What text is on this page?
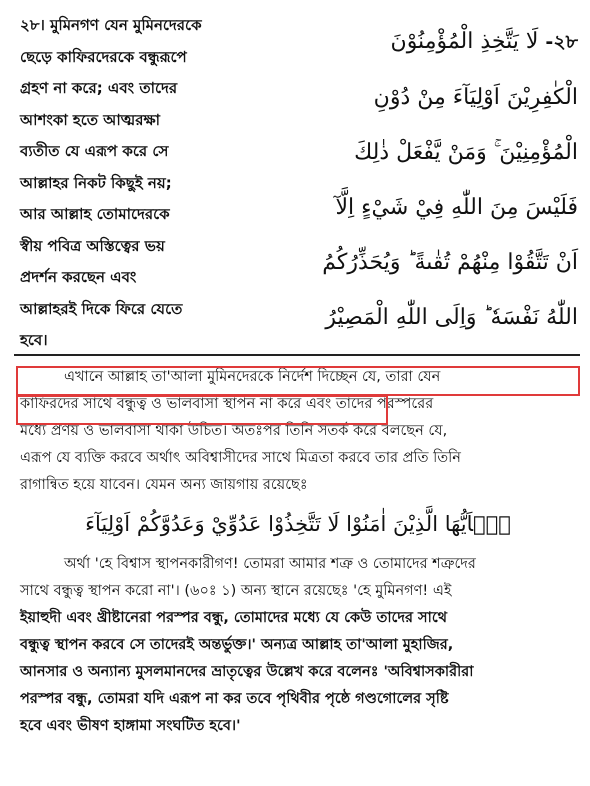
২৮। মুমিনগণ যেন মুমিনদেরকে
ছেড়ে কাফিরদেরকে বন্ধুরূপে
গ্রহণ না করে; এবং তাদের
আশংকা হতে আত্মরক্ষা
ব্যতীত যে এরূপ করে সে
আল্লাহর নিকট কিছুই নয়;
আর আল্লাহ তোমাদেরকে
স্বীয় পবিত্র অস্তিত্বের ভয়
প্রদর্শন করছেন এবং
আল্লাহরই দিকে ফিরে যেতে
হবে।
২৮- لَا يَتَّخِذِ الْمُؤْمِنُوْنَ
الْكٰفِرِيْنَ اَوْلِيَآءَ مِنْ دُوْنِ
الْمُؤْمِنِيْنَ ۚ وَمَنْ يَّفْعَلْ ذٰلِكَ
فَلَيْسَ مِنَ اللّٰهِ فِيْ شَيْءٍ اِلَّآ
اَنْ تَتَّقُوْا مِنْهُمْ تُقٰىةً ؕ وَيُحَذِّرُكُمُ
اللّٰهُ نَفْسَهٗ ؕ وَاِلَى اللّٰهِ الْمَصِيْرُ

এখানে আল্লাহ তা'আলা মুমিনদেরকে নির্দেশ দিচ্ছেন যে, তারা যেন

কাফিরদের সাথে বন্ধুত্ব ও ভালবাসা স্থাপন না করে এবং তাদের পরস্পরের

মধ্যে প্রণয় ও ভালবাসা থাকা উচিত। অতঃপর তিনি সতর্ক করে বলছেন যে,

এরূপ যে ব্যক্তি করবে অর্থাৎ অবিশ্বাসীদের সাথে মিত্রতা করবে তার প্রতি তিনি

রাগান্বিত হয়ে যাবেন। যেমন অন্য জায়গায় রয়েছেঃ

يٰۤاَيُّهَا الَّذِيْنَ اٰمَنُوْا لَا تَتَّخِذُوْا عَدُوِّيْ وَعَدُوَّكُمْ اَوْلِيَآءَ

অর্থা 'হে বিশ্বাস স্থাপনকারীগণ! তোমরা আমার শত্রু ও তোমাদের শত্রুদের

সাথে বন্ধুত্ব স্থাপন করো না'। (৬০ঃ ১) অন্য স্থানে রয়েছেঃ 'হে মুমিনগণ! এই

ইয়াহুদী এবং খ্রীষ্টানেরা পরস্পর বন্ধু, তোমাদের মধ্যে যে কেউ তাদের সাথে

বন্ধুত্ব স্থাপন করবে সে তাদেরই অন্তর্ভুক্ত।' অন্যত্র আল্লাহ তা'আলা মুহাজির,

আনসার ও অন্যান্য মুসলমানদের ভ্রাতৃত্বের উল্লেখ করে বলেনঃ 'অবিশ্বাসকারীরা

পরস্পর বন্ধু, তোমরা যদি এরূপ না কর তবে পৃথিবীর পৃষ্ঠে গণ্ডগোলের সৃষ্টি

হবে এবং ভীষণ হাঙ্গামা সংঘটিত হবে।'
